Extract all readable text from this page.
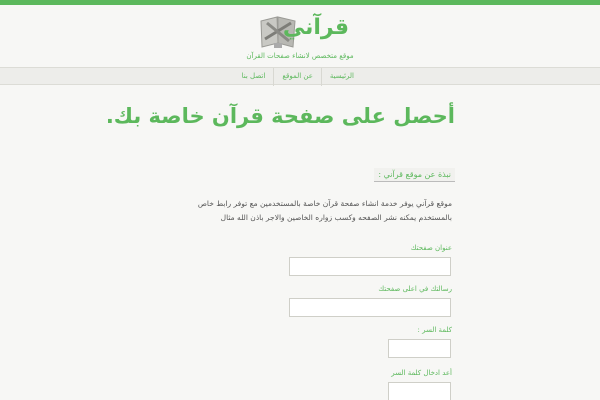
قرآني
موقع متخصص لانشاء صفحات القرآن
الرئيسية
عن الموقع
اتصل بنا
أحصل على صفحة قرآن خاصة بك.
نبذة عن موقع قرآني :

موقع قرآني يوفر خدمة انشاء صفحة قرآن خاصة بالمستخدمين مع توفر رابط خاص بالمستخدم يمكنه نشر الصفحه وكسب زواره الخاصين والاجر باذن الله مثال

عنوان صفحتك
رسالتك في اعلى صفحتك
كلمة السر :
أعد ادخال كلمة السر
